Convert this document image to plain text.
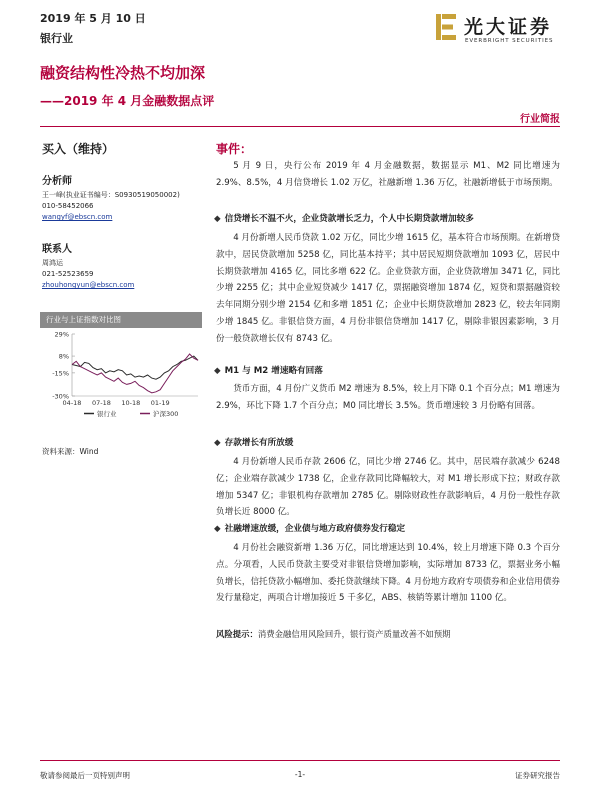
2019 年 5 月 10 日
银行业
光大证券
EVERBRIGHT SECURITIES
融资结构性冷热不均加深
——2019 年 4 月金融数据点评
行业简报
买入（维持）
分析师
王一峰(执业证书编号：S0930519050002)
010-58452066
wangyf@ebscn.com
联系人
周鸿运
021-52523659
zhouhongyun@ebscn.com
行业与上证指数对比图
29%
8%
-15%
-30%
04-18 07-18 10-18 01-19
银行业	沪深300
资料来源：Wind
事件：
5 月 9 日，央行公布 2019 年 4 月金融数据，数据显示 M1、M2 同比增速为 2.9%、8.5%，4 月信贷增长 1.02 万亿，社融新增 1.36 万亿，社融新增低于市场预期。
◆ 信贷增长不温不火，企业贷款增长乏力，个人中长期贷款增加较多
4 月份新增人民币贷款 1.02 万亿，同比少增 1615 亿，基本符合市场预期。在新增贷款中，居民贷款增加 5258 亿，同比基本持平；其中居民短期贷款增加 1093 亿，居民中长期贷款增加 4165 亿，同比多增 622 亿。企业贷款方面，企业贷款增加 3471 亿，同比少增 2255 亿；其中企业短贷减少 1417 亿，票据融资增加 1874 亿，短贷和票据融资较去年同期分别少增 2154 亿和多增 1851 亿；企业中长期贷款增加 2823 亿，较去年同期少增 1845 亿。非银信贷方面，4 月份非银信贷增加 1417 亿，剔除非银因素影响，3 月份一般贷款增长仅有 8743 亿。
◆ M1 与 M2 增速略有回落
货币方面，4 月份广义货币 M2 增速为 8.5%，较上月下降 0.1 个百分点；M1 增速为 2.9%，环比下降 1.7 个百分点；M0 同比增长 3.5%。货币增速较 3 月份略有回落。
◆ 存款增长有所放缓
4 月份新增人民币存款 2606 亿，同比少增 2746 亿。其中，居民端存款减少 6248 亿；企业端存款减少 1738 亿，企业存款同比降幅较大，对 M1 增长形成下拉；财政存款增加 5347 亿；非银机构存款增加 2785 亿。剔除财政性存款影响后，4 月份一般性存款负增长近 8000 亿。
◆ 社融增速放缓，企业债与地方政府债券发行稳定
4 月份社会融资新增 1.36 万亿，同比增速达到 10.4%，较上月增速下降 0.3 个百分点。分项看，人民币贷款主要受对非银信贷增加影响，实际增加 8733 亿，票据业务小幅负增长，信托贷款小幅增加、委托贷款继续下降。4 月份地方政府专项债券和企业信用债券发行量稳定，两项合计增加接近 5 千多亿，ABS、核销等累计增加 1100 亿。
风险提示：消费金融信用风险回升，银行资产质量改善不如预期
敬请参阅最后一页特别声明	-1-	证券研究报告
